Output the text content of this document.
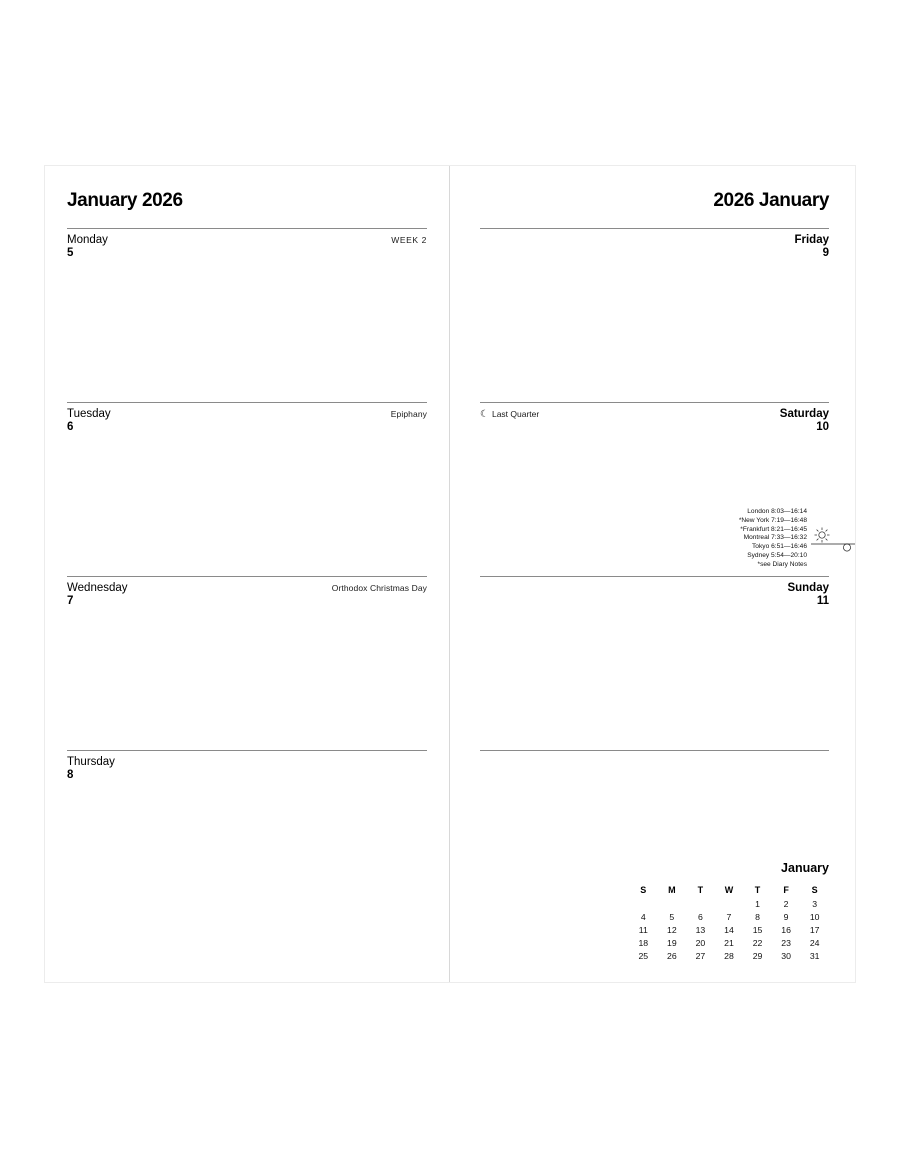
January 2026
Monday	WEEK 2
5
Tuesday	Epiphany
6
Wednesday	Orthodox Christmas Day
7
Thursday
8
2026 January
Friday
9
☾ Last Quarter	Saturday
10
Sunday
11
London 8:03—16:14
*New York 7:19—16:48
*Frankfurt 8:21—16:45
Montreal 7:33—16:32
Tokyo 6:51—16:46
Sydney 5:54—20:10
*see Diary Notes
January
S	M	T	W	T	F	S
				1	2	3
4	5	6	7	8	9	10
11	12	13	14	15	16	17
18	19	20	21	22	23	24
25	26	27	28	29	30	31
